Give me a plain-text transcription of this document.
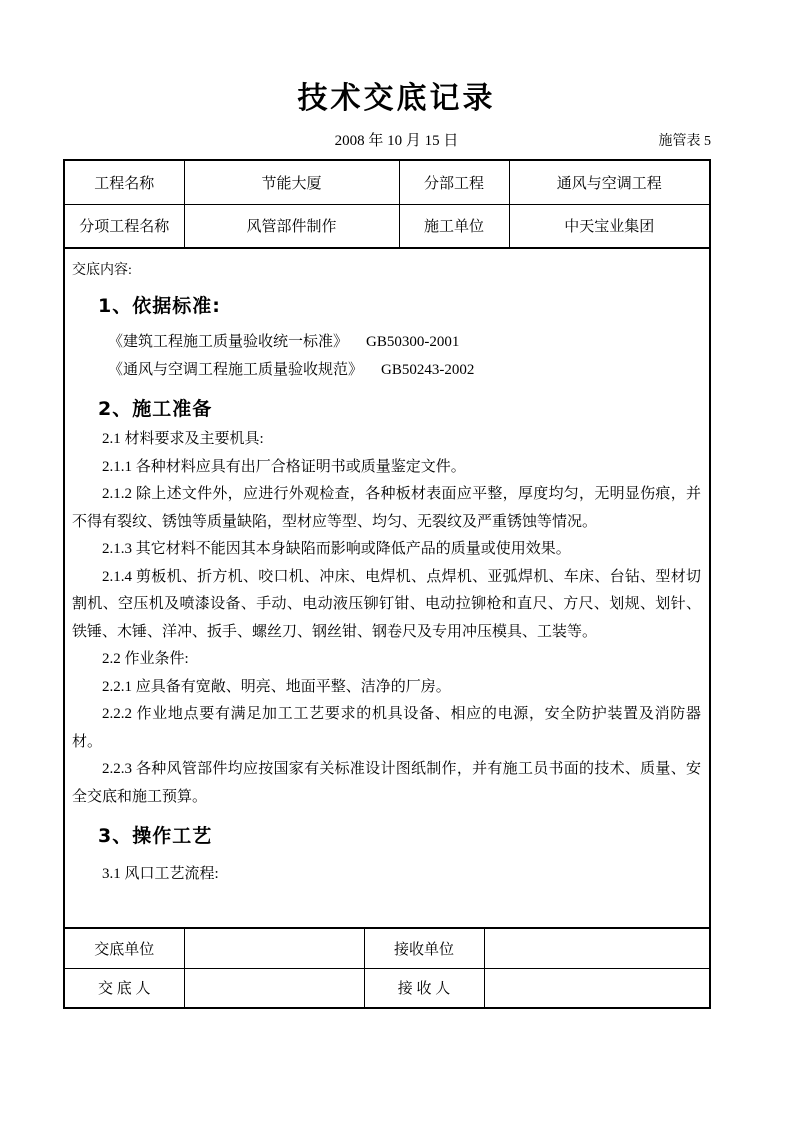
技术交底记录
2008 年 10 月 15 日	施管表 5
工程名称	节能大厦	分部工程	通风与空调工程
分项工程名称	风管部件制作	施工单位	中天宝业集团
交底内容:
1、依据标准:
《建筑工程施工质量验收统一标准》 GB50300-2001
《通风与空调工程施工质量验收规范》 GB50243-2002
2、施工准备

2.1 材料要求及主要机具:

2.1.1 各种材料应具有出厂合格证明书或质量鉴定文件。

2.1.2 除上述文件外，应进行外观检查，各种板材表面应平整，厚度均匀，无明显伤痕，并不得有裂纹、锈蚀等质量缺陷，型材应等型、均匀、无裂纹及严重锈蚀等情况。

2.1.3 其它材料不能因其本身缺陷而影响或降低产品的质量或使用效果。

2.1.4 剪板机、折方机、咬口机、冲床、电焊机、点焊机、亚弧焊机、车床、台钻、型材切割机、空压机及喷漆设备、手动、电动液压铆钉钳、电动拉铆枪和直尺、方尺、划规、划针、铁锤、木锤、洋冲、扳手、螺丝刀、钢丝钳、钢卷尺及专用冲压模具、工装等。

2.2 作业条件:

2.2.1 应具备有宽敞、明亮、地面平整、洁净的厂房。

2.2.2 作业地点要有满足加工工艺要求的机具设备、相应的电源，安全防护装置及消防器材。

2.2.3 各种风管部件均应按国家有关标准设计图纸制作，并有施工员书面的技术、质量、安全交底和施工预算。

3、操作工艺

3.1 风口工艺流程:

交底单位		接收单位	
交 底 人		接 收 人	
